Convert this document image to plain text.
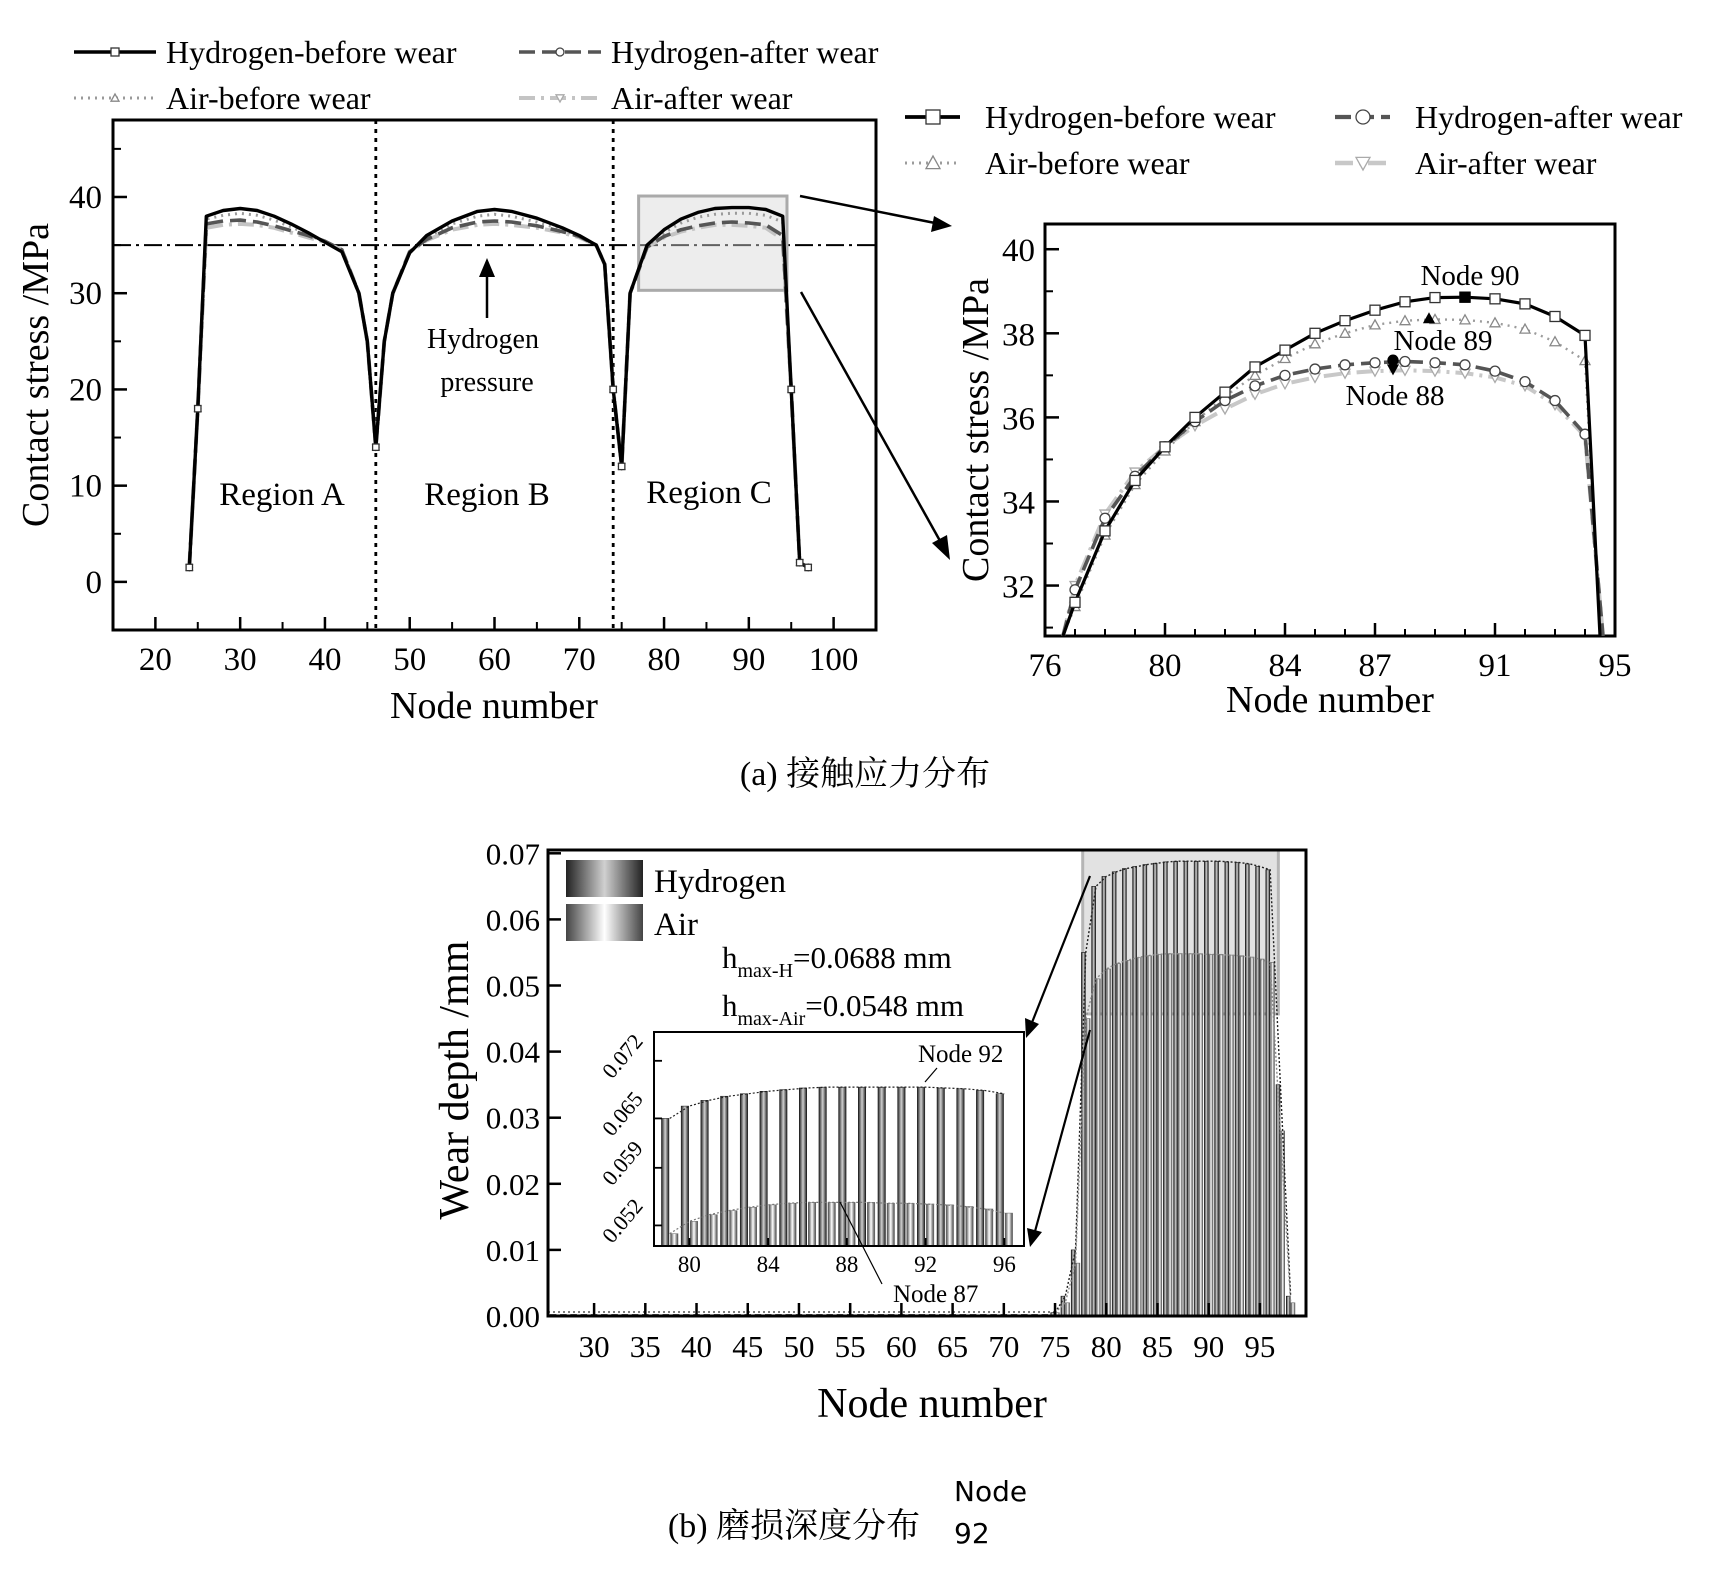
Hydrogen-before wear	Hydrogen-after wear
Air-before wear	Air-after wear
20 30 40 50 60 70 80 90 100
0
10
20
30
40
Node number
Contact stress /MPa	Region A Region B	Region C
Hydrogen
pressure
Hydrogen-before wear	Hydrogen-after wear
Air-before wear	Air-after wear
76	80	84 87	91	95
32
34
36
38
40
Node number
Contact stress /MPa
Node 90
Node 89
Node 88
(a) 接触应力分布
30 35 40 45 50 55 60 65 70 75 80 85 90 95
0.00
0.01
0.02
0.03
0.04
0.05
0.06
0.07
Hydrogen
Air
$h_{max-H}=0.0688$ mm
$h_{max-Air}=0.0548$ mm
Node number
Wear depth /mm
80 84 88 92 96
0.052
0.059
0.065
0.072	Node 92
Node 87
(b) 磨损深度分布
Node
92
